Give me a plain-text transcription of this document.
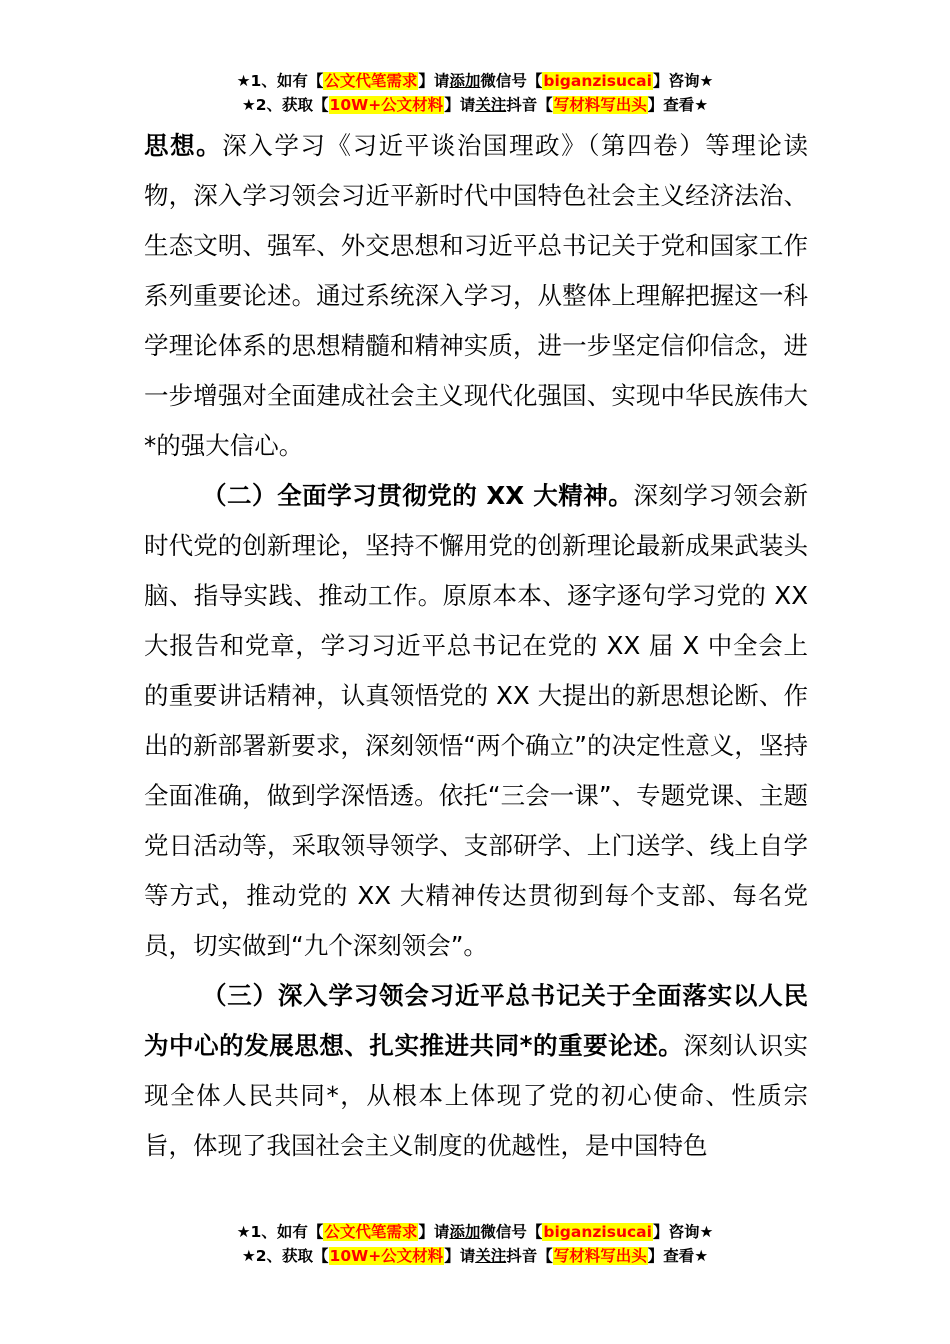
★1、如有【公文代笔需求】请添加微信号【biganzisucai】咨询★
★2、获取【10W+公文材料】请关注抖音【写材料写出头】查看★

思想。深入学习《习近平谈治国理政》（第四卷）等理论读物，深入学习领会习近平新时代中国特色社会主义经济法治、生态文明、强军、外交思想和习近平总书记关于党和国家工作系列重要论述。通过系统深入学习，从整体上理解把握这一科学理论体系的思想精髓和精神实质，进一步坚定信仰信念，进一步增强对全面建成社会主义现代化强国、实现中华民族伟大*的强大信心。

（二）全面学习贯彻党的 XX 大精神。深刻学习领会新时代党的创新理论，坚持不懈用党的创新理论最新成果武装头脑、指导实践、推动工作。原原本本、逐字逐句学习党的 XX 大报告和党章，学习习近平总书记在党的 XX 届 X 中全会上的重要讲话精神，认真领悟党的 XX 大提出的新思想论断、作出的新部署新要求，深刻领悟“两个确立”的决定性意义，坚持全面准确，做到学深悟透。依托“三会一课”、专题党课、主题党日活动等，采取领导领学、支部研学、上门送学、线上自学等方式，推动党的 XX 大精神传达贯彻到每个支部、每名党员，切实做到“九个深刻领会”。

（三）深入学习领会习近平总书记关于全面落实以人民为中心的发展思想、扎实推进共同*的重要论述。深刻认识实现全体人民共同*，从根本上体现了党的初心使命、性质宗旨，体现了我国社会主义制度的优越性，是中国特色

★1、如有【公文代笔需求】请添加微信号【biganzisucai】咨询★
★2、获取【10W+公文材料】请关注抖音【写材料写出头】查看★
